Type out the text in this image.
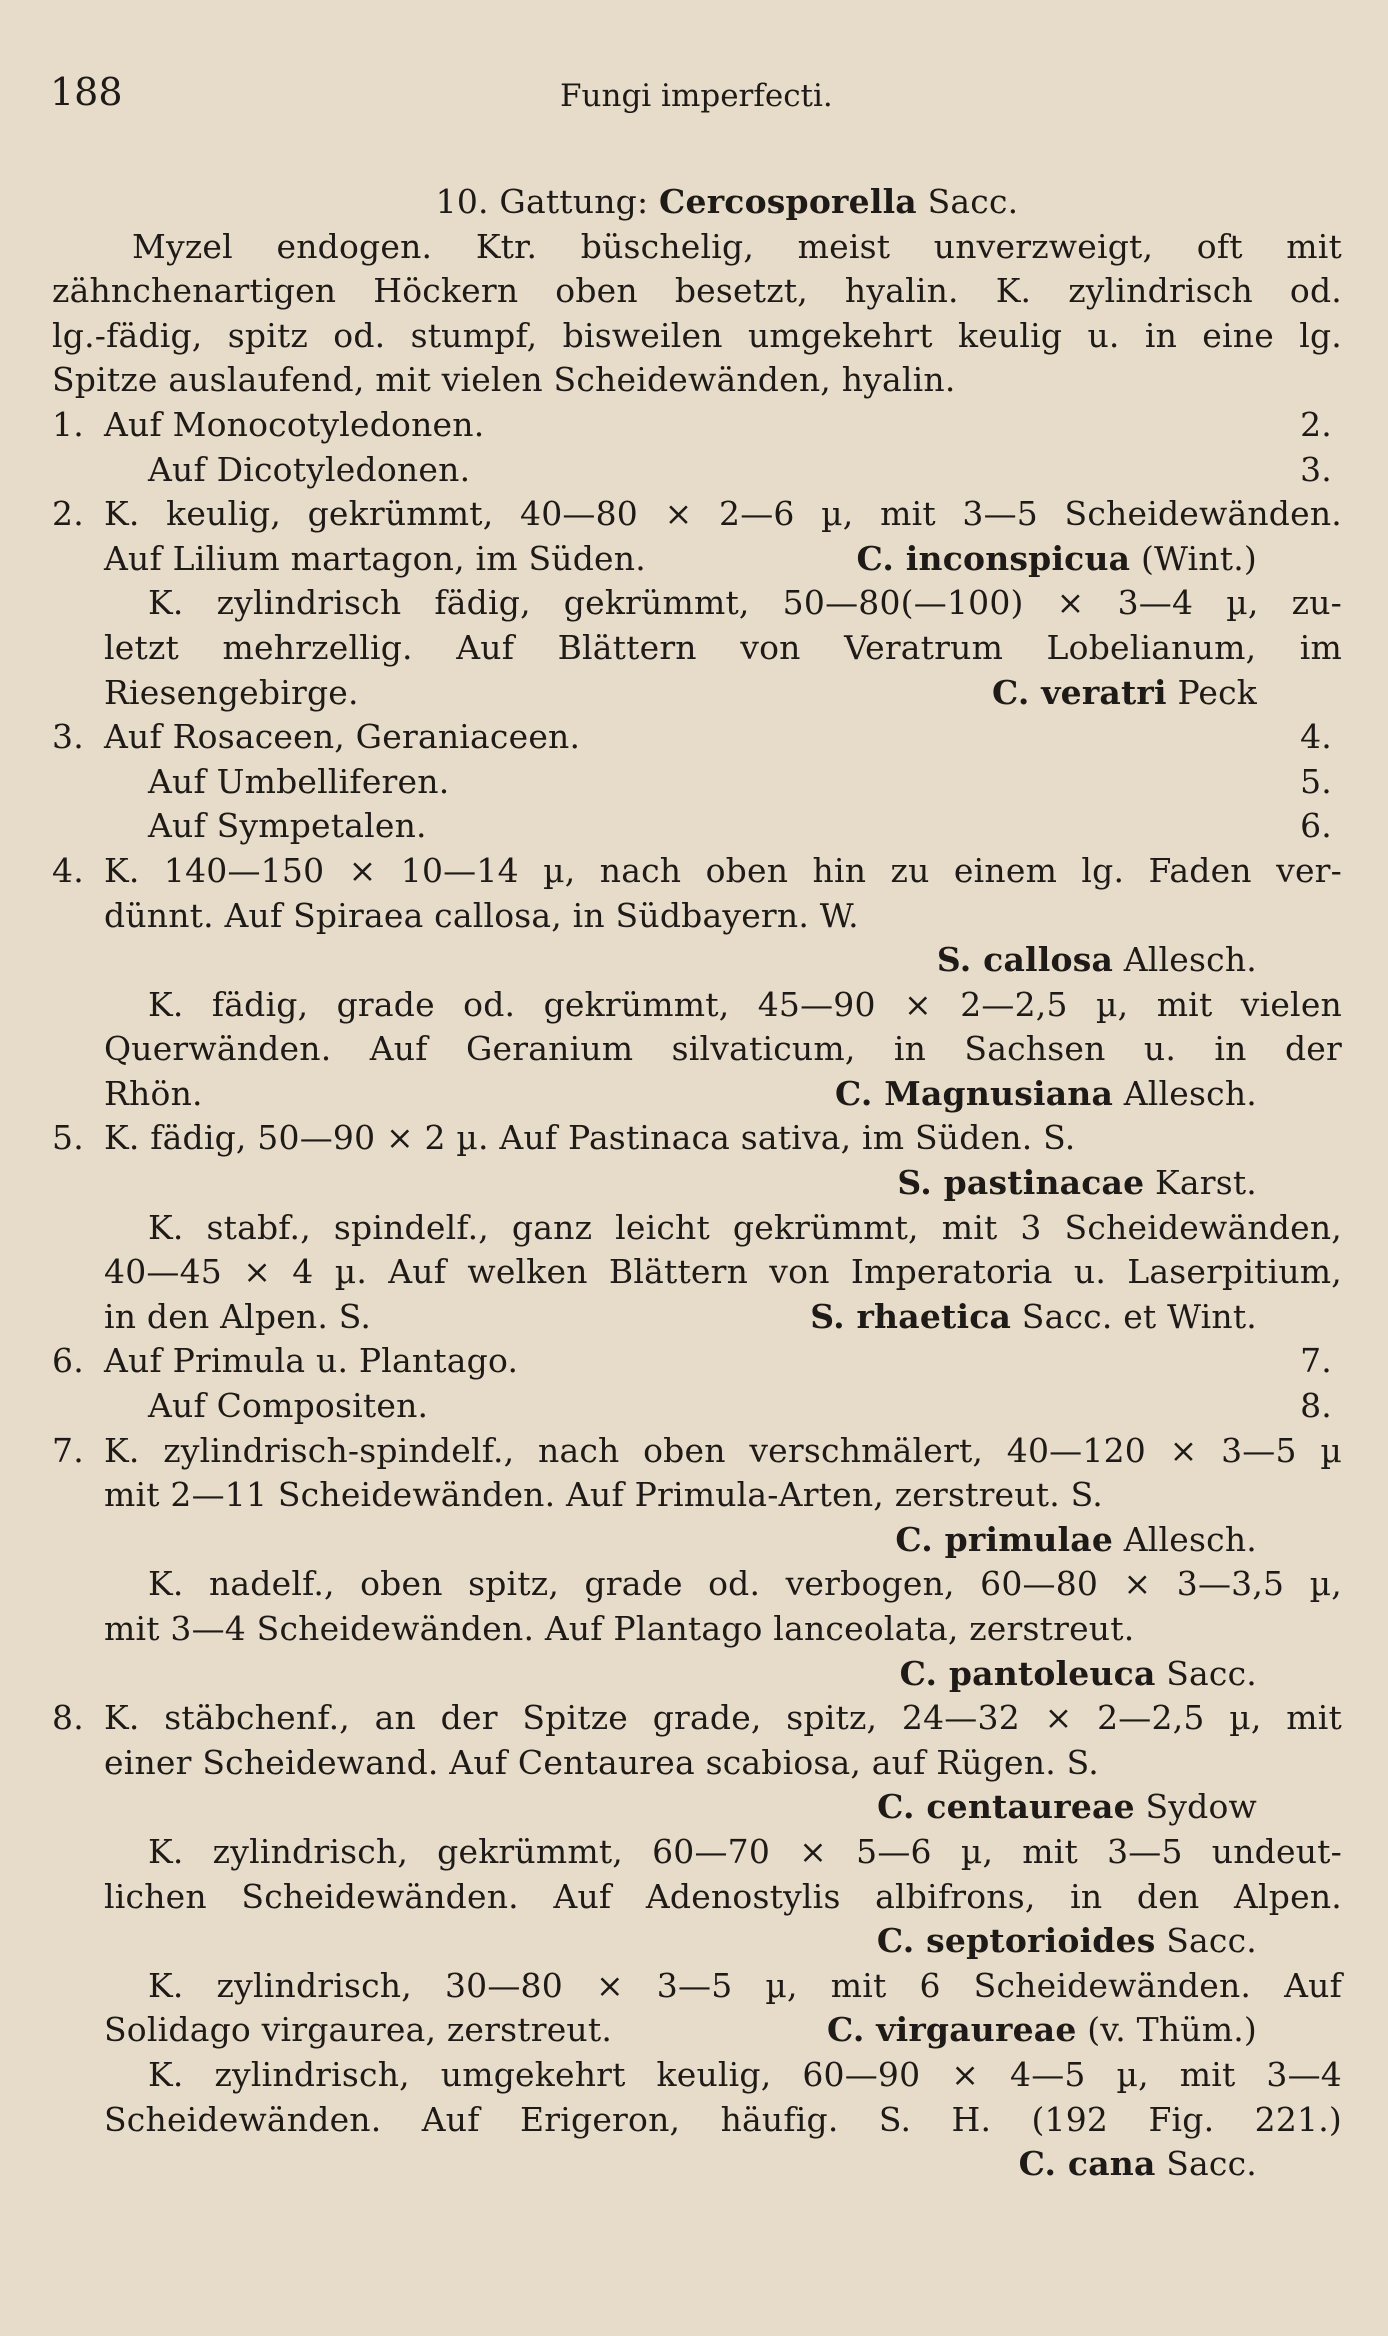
188	Fungi imperfecti.
10. Gattung: Cercosporella Sacc.
Myzel endogen. Ktr. büschelig, meist unverzweigt, oft mit
zähnchenartigen Höckern oben besetzt, hyalin. K. zylindrisch od.
lg.-fädig, spitz od. stumpf, bisweilen umgekehrt keulig u. in eine lg.
Spitze auslaufend, mit vielen Scheidewänden, hyalin.
1. Auf Monocotyledonen.	2.
Auf Dicotyledonen.	3.
2. K. keulig, gekrümmt, 40—80 × 2—6 µ, mit 3—5 Scheidewänden.
Auf Lilium martagon, im Süden.	C. inconspicua (Wint.)
K. zylindrisch fädig, gekrümmt, 50—80(—100) × 3—4 µ, zu-
letzt mehrzellig. Auf Blättern von Veratrum Lobelianum, im
Riesengebirge.	C. veratri Peck
3. Auf Rosaceen, Geraniaceen.	4.
Auf Umbelliferen.	5.
Auf Sympetalen.	6.
4. K. 140—150 × 10—14 µ, nach oben hin zu einem lg. Faden ver-
dünnt. Auf Spiraea callosa, in Südbayern. W.
S. callosa Allesch.
K. fädig, grade od. gekrümmt, 45—90 × 2—2,5 µ, mit vielen
Querwänden. Auf Geranium silvaticum, in Sachsen u. in der
Rhön.	C. Magnusiana Allesch.
5. K. fädig, 50—90 × 2 µ. Auf Pastinaca sativa, im Süden. S.
S. pastinacae Karst.
K. stabf., spindelf., ganz leicht gekrümmt, mit 3 Scheidewänden,
40—45 × 4 µ. Auf welken Blättern von Imperatoria u. Laserpitium,
in den Alpen. S.	S. rhaetica Sacc. et Wint.
6. Auf Primula u. Plantago.	7.
Auf Compositen.	8.
7. K. zylindrisch-spindelf., nach oben verschmälert, 40—120 × 3—5 µ
mit 2—11 Scheidewänden. Auf Primula-Arten, zerstreut. S.
C. primulae Allesch.
K. nadelf., oben spitz, grade od. verbogen, 60—80 × 3—3,5 µ,
mit 3—4 Scheidewänden. Auf Plantago lanceolata, zerstreut.
C. pantoleuca Sacc.
8. K. stäbchenf., an der Spitze grade, spitz, 24—32 × 2—2,5 µ, mit
einer Scheidewand. Auf Centaurea scabiosa, auf Rügen. S.
C. centaureae Sydow
K. zylindrisch, gekrümmt, 60—70 × 5—6 µ, mit 3—5 undeut-
lichen Scheidewänden. Auf Adenostylis albifrons, in den Alpen.
C. septorioides Sacc.
K. zylindrisch, 30—80 × 3—5 µ, mit 6 Scheidewänden. Auf
Solidago virgaurea, zerstreut.	C. virgaureae (v. Thüm.)
K. zylindrisch, umgekehrt keulig, 60—90 × 4—5 µ, mit 3—4
Scheidewänden. Auf Erigeron, häufig. S. H. (192 Fig. 221.)
C. cana Sacc.
